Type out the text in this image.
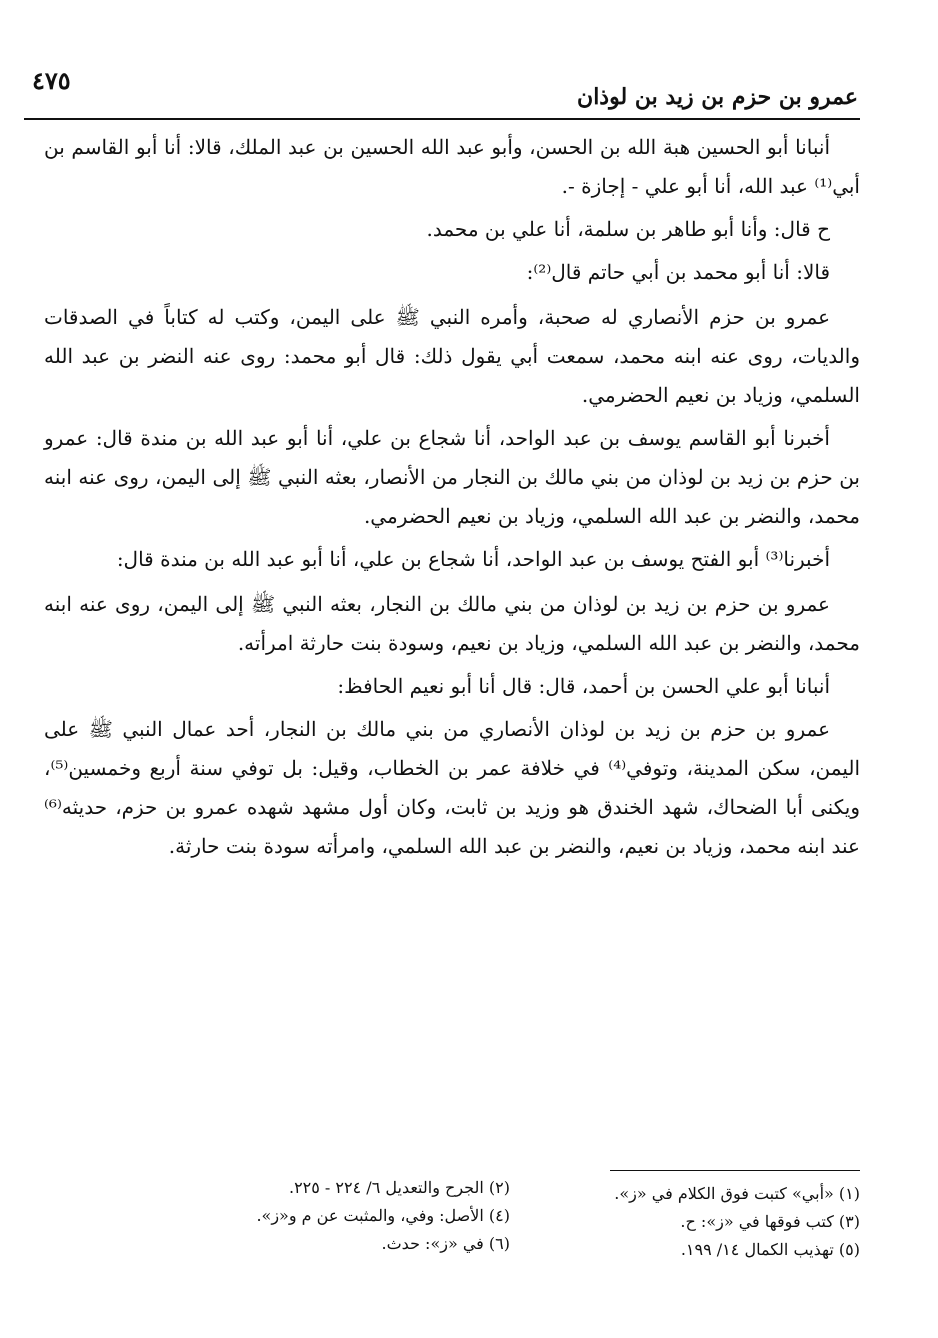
٤٧٥
عمرو بن حزم بن زيد بن لوذان

أنبانا أبو الحسين هبة الله بن الحسن، وأبو عبد الله الحسين بن عبد الملك، قالا: أنا أبو القاسم بن أبي⁽¹⁾ عبد الله، أنا أبو علي - إجازة -.

ح قال: وأنا أبو طاهر بن سلمة، أنا علي بن محمد.

قالا: أنا أبو محمد بن أبي حاتم قال⁽²⁾:

عمرو بن حزم الأنصاري له صحبة، وأمره النبي ﷺ على اليمن، وكتب له كتاباً في الصدقات والديات، روى عنه ابنه محمد، سمعت أبي يقول ذلك: قال أبو محمد: روى عنه النضر بن عبد الله السلمي، وزياد بن نعيم الحضرمي.

أخبرنا أبو القاسم يوسف بن عبد الواحد، أنا شجاع بن علي، أنا أبو عبد الله بن مندة قال: عمرو بن حزم بن زيد بن لوذان من بني مالك بن النجار من الأنصار، بعثه النبي ﷺ إلى اليمن، روى عنه ابنه محمد، والنضر بن عبد الله السلمي، وزياد بن نعيم الحضرمي.

أخبرنا⁽³⁾ أبو الفتح يوسف بن عبد الواحد، أنا شجاع بن علي، أنا أبو عبد الله بن مندة قال:

عمرو بن حزم بن زيد بن لوذان من بني مالك بن النجار، بعثه النبي ﷺ إلى اليمن، روى عنه ابنه محمد، والنضر بن عبد الله السلمي، وزياد بن نعيم، وسودة بنت حارثة امرأته.

أنبانا أبو علي الحسن بن أحمد، قال: قال أنا أبو نعيم الحافظ:

عمرو بن حزم بن زيد بن لوذان الأنصاري من بني مالك بن النجار، أحد عمال النبي ﷺ على اليمن، سكن المدينة، وتوفي⁽⁴⁾ في خلافة عمر بن الخطاب، وقيل: بل توفي سنة أربع وخمسين⁽⁵⁾، ويكنى أبا الضحاك، شهد الخندق هو وزيد بن ثابت، وكان أول مشهد شهده عمرو بن حزم، حديثه⁽⁶⁾ عند ابنه محمد، وزياد بن نعيم، والنضر بن عبد الله السلمي، وامرأته سودة بنت حارثة.

(١) «أبي» كتبت فوق الكلام في «ز».
(٣) كتب فوقها في «ز»: ح.
(٥) تهذيب الكمال ١٤/ ١٩٩.
(٢) الجرح والتعديل ٦/ ٢٢٤ - ٢٢٥.
(٤) الأصل: وفي، والمثبت عن م و«ز».
(٦) في «ز»: حدث.
